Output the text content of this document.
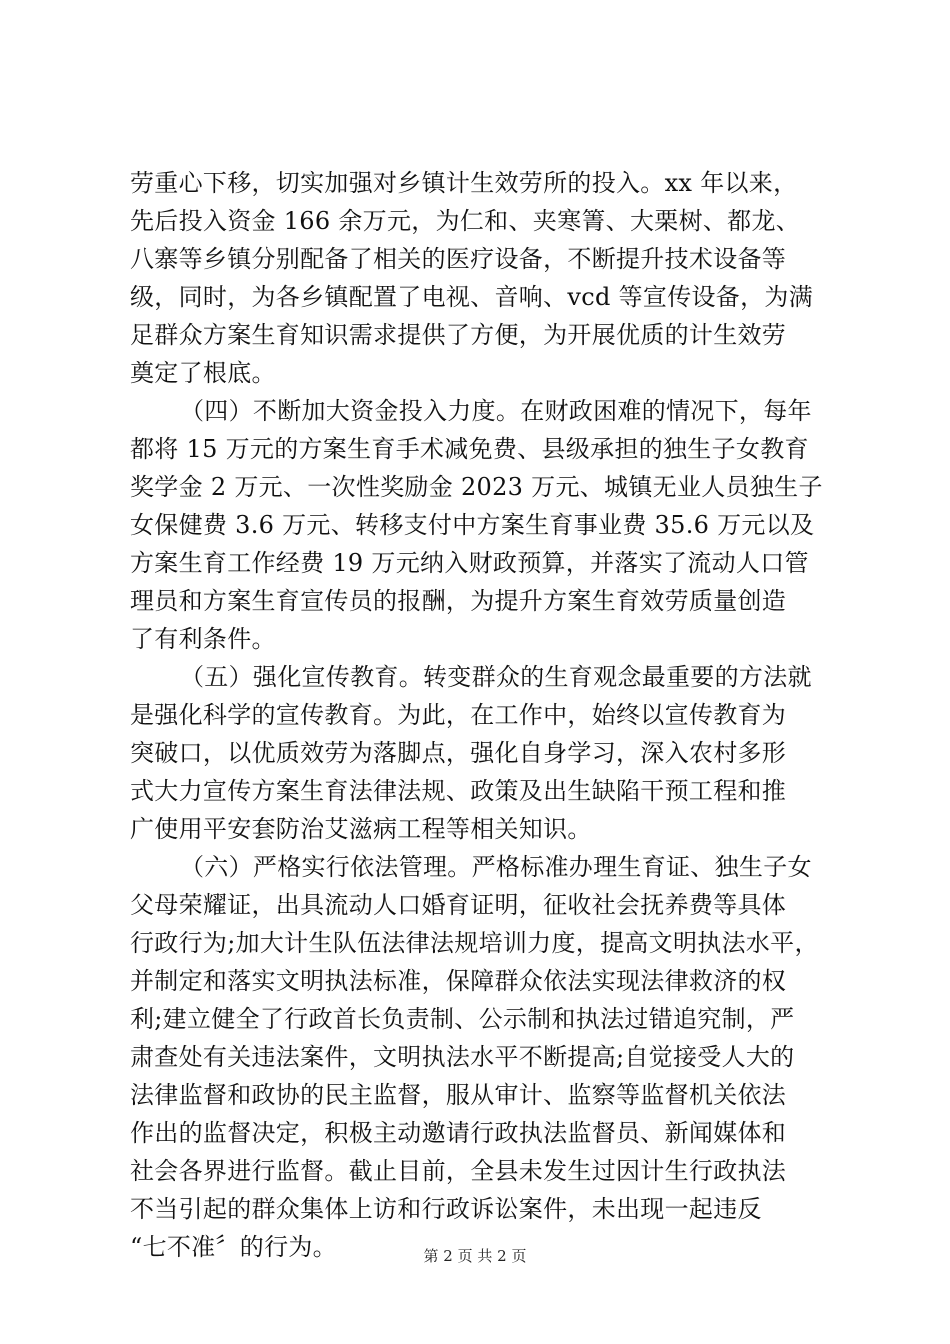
劳重心下移，切实加强对乡镇计生效劳所的投入。xx 年以来，
先后投入资金 166 余万元，为仁和、夹寒箐、大栗树、都龙、
八寨等乡镇分别配备了相关的医疗设备，不断提升技术设备等
级，同时，为各乡镇配置了电视、音响、vcd 等宣传设备，为满
足群众方案生育知识需求提供了方便，为开展优质的计生效劳
奠定了根底。
（四）不断加大资金投入力度。在财政困难的情况下，每年
都将 15 万元的方案生育手术减免费、县级承担的独生子女教育
奖学金 2 万元、一次性奖励金 2023 万元、城镇无业人员独生子
女保健费 3.6 万元、转移支付中方案生育事业费 35.6 万元以及
方案生育工作经费 19 万元纳入财政预算，并落实了流动人口管
理员和方案生育宣传员的报酬，为提升方案生育效劳质量创造
了有利条件。
（五）强化宣传教育。转变群众的生育观念最重要的方法就
是强化科学的宣传教育。为此，在工作中，始终以宣传教育为
突破口，以优质效劳为落脚点，强化自身学习，深入农村多形
式大力宣传方案生育法律法规、政策及出生缺陷干预工程和推
广使用平安套防治艾滋病工程等相关知识。
（六）严格实行依法管理。严格标准办理生育证、独生子女
父母荣耀证，出具流动人口婚育证明，征收社会抚养费等具体
行政行为;加大计生队伍法律法规培训力度，提高文明执法水平，
并制定和落实文明执法标准，保障群众依法实现法律救济的权
利;建立健全了行政首长负责制、公示制和执法过错追究制，严
肃查处有关违法案件，文明执法水平不断提高;自觉接受人大的
法律监督和政协的民主监督，服从审计、监察等监督机关依法
作出的监督决定，积极主动邀请行政执法监督员、新闻媒体和
社会各界进行监督。截止目前，全县未发生过因计生行政执法
不当引起的群众集体上访和行政诉讼案件，未出现一起违反
“七不准〞的行为。	第 2 页 共 2 页
